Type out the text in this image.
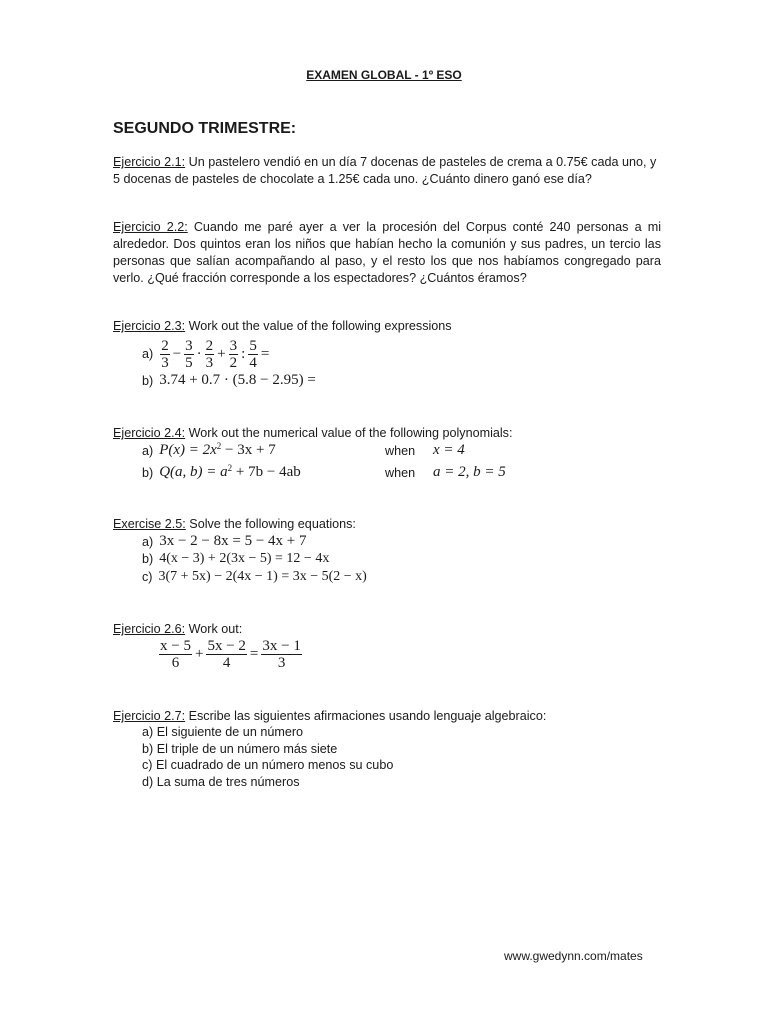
EXAMEN GLOBAL - 1º ESO
SEGUNDO TRIMESTRE:
Ejercicio 2.1: Un pastelero vendió en un día 7 docenas de pasteles de crema a 0.75€ cada uno, y 5 docenas de pasteles de chocolate a 1.25€ cada uno. ¿Cuánto dinero ganó ese día?
Ejercicio 2.2: Cuando me paré ayer a ver la procesión del Corpus conté 240 personas a mi alrededor. Dos quintos eran los niños que habían hecho la comunión y sus padres, un tercio las personas que salían acompañando al paso, y el resto los que nos habíamos congregado para verlo. ¿Qué fracción corresponde a los espectadores? ¿Cuántos éramos?
Ejercicio 2.3: Work out the value of the following expressions
$a) \frac{2}{3} - \frac{3}{5} \cdot \frac{2}{3} + \frac{3}{2}$ : $\frac{5}{4}$ =
b) 3.74 + 0.7 · (5.8 − 2.95) =
Ejercicio 2.4: Work out the numerical value of the following polynomials:
a) $P(x) = 2x^2 - 3x + 7$	when x = 4
b) Q(a, $b) = a^2 + 7b - 4ab$	when a = 2, b = 5
Exercise 2.5: Solve the following equations:
a) 3x − 2 − 8x = 5 − 4x + 7
b) 4(x − 3) + 2(3x − 5) = 12 − 4x
c) 3(7 + 5x) − 2(4x − 1) = 3x − 5(2 − x)
Ejercicio 2.6: Work out:
$\frac{x - 5}{6} + \frac{5x - 2}{4} = \frac{3x - 1}{3}$
Ejercicio 2.7: Escribe las siguientes afirmaciones usando lenguaje algebraico:
a) El siguiente de un número
b) El triple de un número más siete
c) El cuadrado de un número menos su cubo
d) La suma de tres números
www.gwedynn.com/mates
